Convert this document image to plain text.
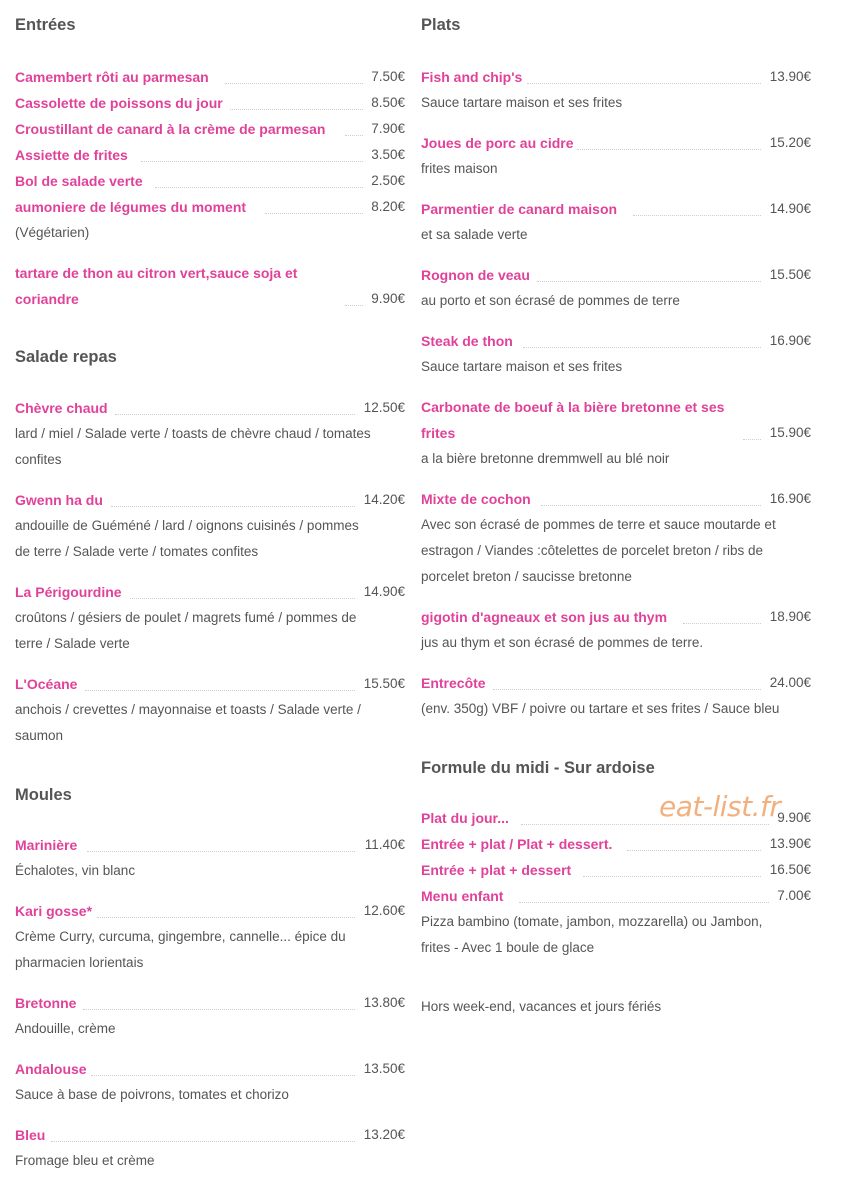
Entrées
Camembert rôti au parmesan	7.50€
Cassolette de poissons du jour	8.50€
Croustillant de canard à la crème de parmesan	7.90€
Assiette de frites	3.50€
Bol de salade verte	2.50€
aumoniere de légumes du moment	8.20€

(Végétarien)

tartare de thon au citron vert,sauce soja et
coriandre	9.90€
Salade repas
Chèvre chaud	12.50€

lard / miel / Salade verte / toasts de chèvre chaud / tomates

confites

Gwenn ha du	14.20€

andouille de Guéméné / lard / oignons cuisinés / pommes

de terre / Salade verte / tomates confites

La Périgourdine	14.90€

croûtons / gésiers de poulet / magrets fumé / pommes de

terre / Salade verte

L'Océane	15.50€

anchois / crevettes / mayonnaise et toasts / Salade verte /

saumon

Moules
Marinière	11.40€

Échalotes, vin blanc

Kari gosse*	12.60€

Crème Curry, curcuma, gingembre, cannelle... épice du

pharmacien lorientais

Bretonne	13.80€

Andouille, crème

Andalouse	13.50€

Sauce à base de poivrons, tomates et chorizo

Bleu	13.20€

Fromage bleu et crème

Plats
Fish and chip's	13.90€

Sauce tartare maison et ses frites

Joues de porc au cidre	15.20€

frites maison

Parmentier de canard maison	14.90€

et sa salade verte

Rognon de veau	15.50€

au porto et son écrasé de pommes de terre

Steak de thon	16.90€

Sauce tartare maison et ses frites

Carbonate de boeuf à la bière bretonne et ses
frites	15.90€

a la bière bretonne dremmwell au blé noir

Mixte de cochon	16.90€

Avec son écrasé de pommes de terre et sauce moutarde et

estragon / Viandes :côtelettes de porcelet breton / ribs de

porcelet breton / saucisse bretonne

gigotin d'agneaux et son jus au thym	18.90€

jus au thym et son écrasé de pommes de terre.

Entrecôte	24.00€

(env. 350g) VBF / poivre ou tartare et ses frites / Sauce bleu

Formule du midi - Sur ardoise
Plat du jour...	9.90€
Entrée + plat / Plat + dessert.	13.90€
Entrée + plat + dessert	16.50€
Menu enfant	7.00€

Pizza bambino (tomate, jambon, mozzarella) ou Jambon,

frites - Avec 1 boule de glace

Hors week-end, vacances et jours fériés

eat-list.fr
